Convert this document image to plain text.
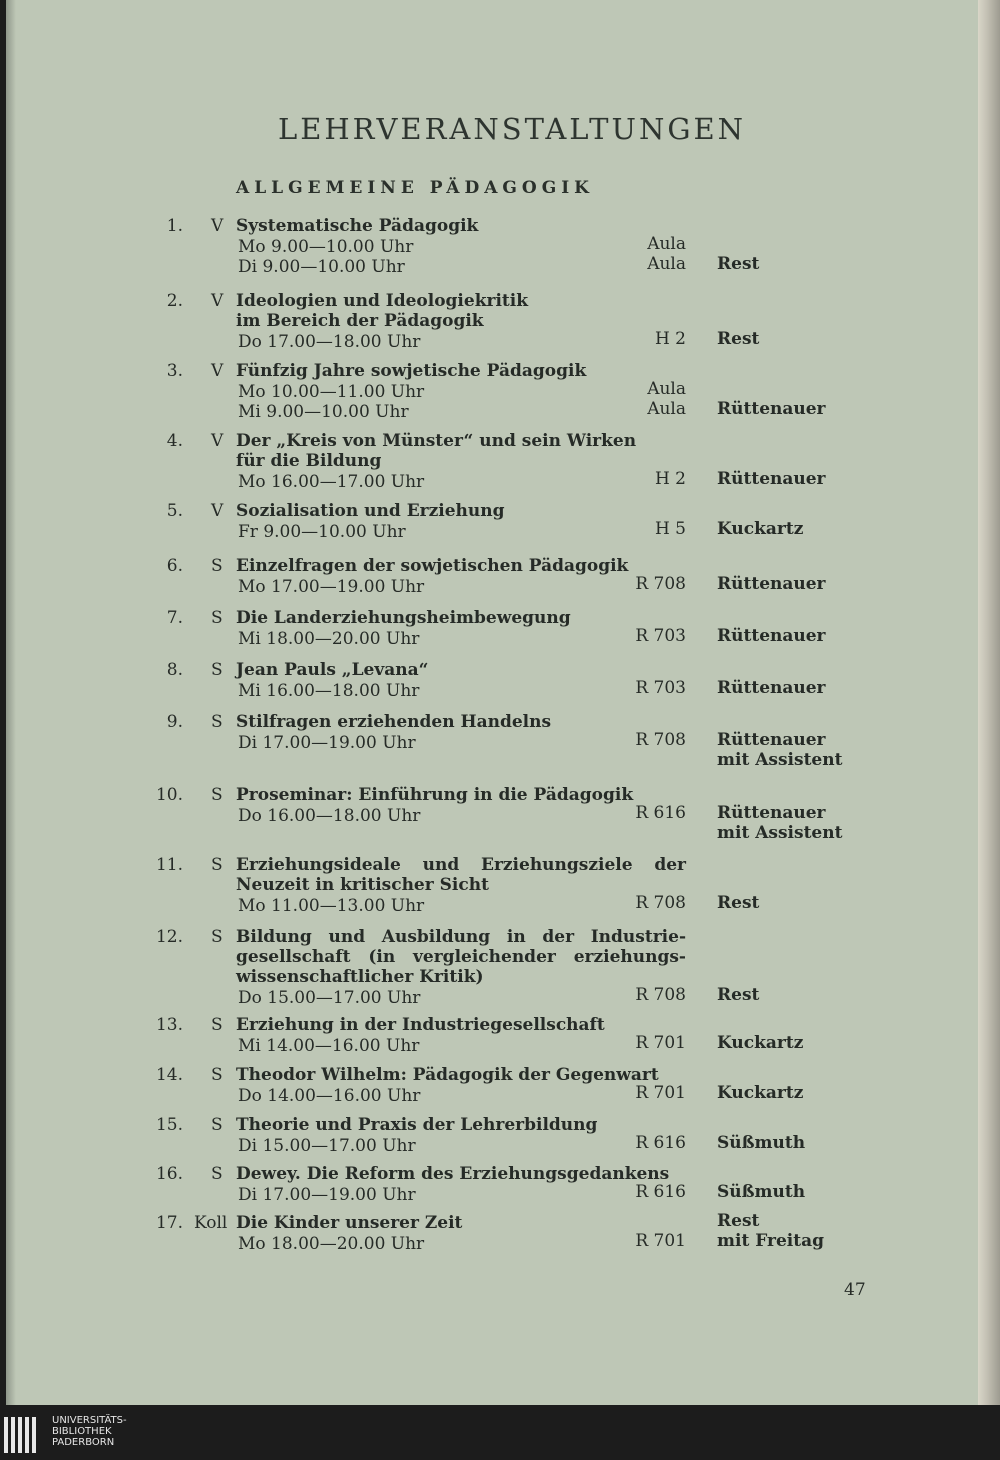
LEHRVERANSTALTUNGEN
ALLGEMEINE PÄDAGOGIK
1. V Systematische Pädagogik
Mo 9.00—10.00 Uhr	Aula
Di 9.00—10.00 Uhr	Aula Rest
2. V Ideologien und Ideologiekritik
im Bereich der Pädagogik
Do 17.00—18.00 Uhr	H 2 Rest
3. V Fünfzig Jahre sowjetische Pädagogik
Mo 10.00—11.00 Uhr	Aula
Mi 9.00—10.00 Uhr	Aula Rüttenauer
4. V Der „Kreis von Münster“ und sein Wirken
für die Bildung
Mo 16.00—17.00 Uhr	H 2 Rüttenauer
5. V Sozialisation und Erziehung
Fr 9.00—10.00 Uhr	H 5 Kuckartz
6. S Einzelfragen der sowjetischen Pädagogik
Mo 17.00—19.00 Uhr	R 708 Rüttenauer
7. S Die Landerziehungsheimbewegung
Mi 18.00—20.00 Uhr	R 703 Rüttenauer
8. S Jean Pauls „Levana“
Mi 16.00—18.00 Uhr	R 703 Rüttenauer
9. S Stilfragen erziehenden Handelns
Di 17.00—19.00 Uhr	R 708 Rüttenauer
mit Assistent
10. S Proseminar: Einführung in die Pädagogik
Do 16.00—18.00 Uhr	R 616 Rüttenauer
mit Assistent
11. S Erziehungsideale und Erziehungsziele der
Neuzeit in kritischer Sicht
Mo 11.00—13.00 Uhr	R 708 Rest
12. S Bildung und Ausbildung in der Industrie-
gesellschaft (in vergleichender erziehungs-
wissenschaftlicher Kritik)
Do 15.00—17.00 Uhr	R 708 Rest
13. S Erziehung in der Industriegesellschaft
Mi 14.00—16.00 Uhr	R 701 Kuckartz
14. S Theodor Wilhelm: Pädagogik der Gegenwart
Do 14.00—16.00 Uhr	R 701 Kuckartz
15. S Theorie und Praxis der Lehrerbildung
Di 15.00—17.00 Uhr	R 616 Süßmuth
16. S Dewey. Die Reform des Erziehungsgedankens
Di 17.00—19.00 Uhr	R 616 Süßmuth
17. Koll Die Kinder unserer Zeit
Mo 18.00—20.00 Uhr	R 701
Rest
mit Freitag
47
UNIVERSITÄTS-
BIBLIOTHEK
PADERBORN
